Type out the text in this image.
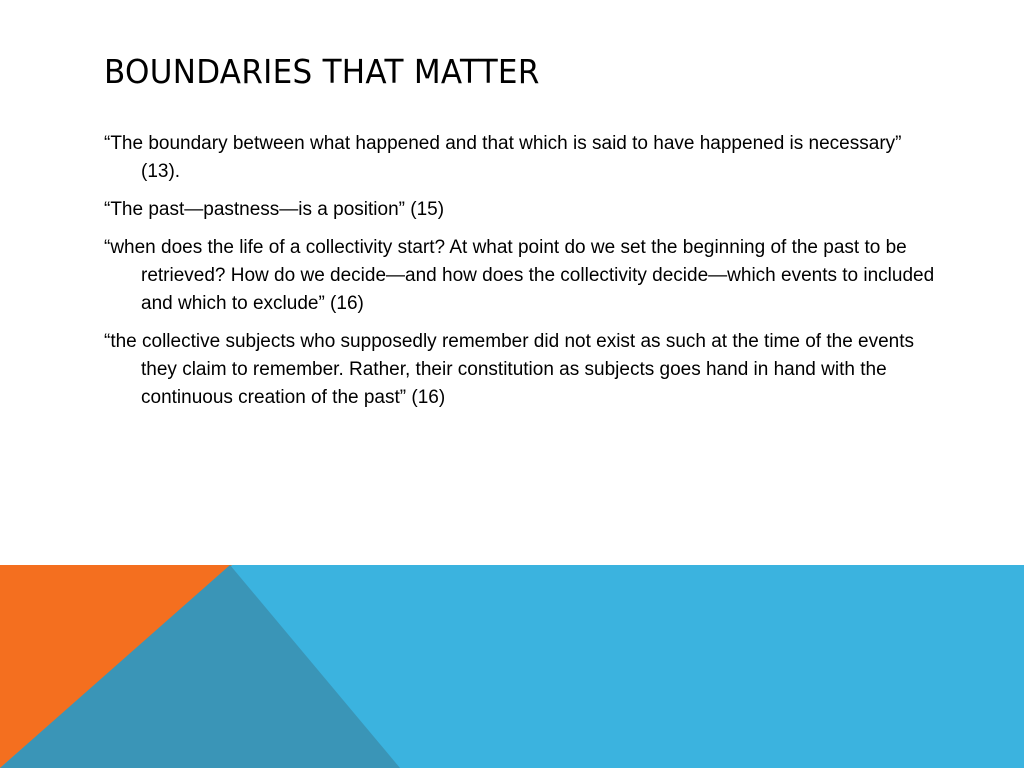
BOUNDARIES THAT MATTER
“The boundary between what happened and that which is said to have happened is necessary” (13).
“The past—pastness—is a position” (15)
“when does the life of a collectivity start? At what point do we set the beginning of the past to be retrieved? How do we decide—and how does the collectivity decide—which events to included and which to exclude” (16)
“the collective subjects who supposedly remember did not exist as such at the time of the events they claim to remember. Rather, their constitution as subjects goes hand in hand with the continuous creation of the past” (16)
